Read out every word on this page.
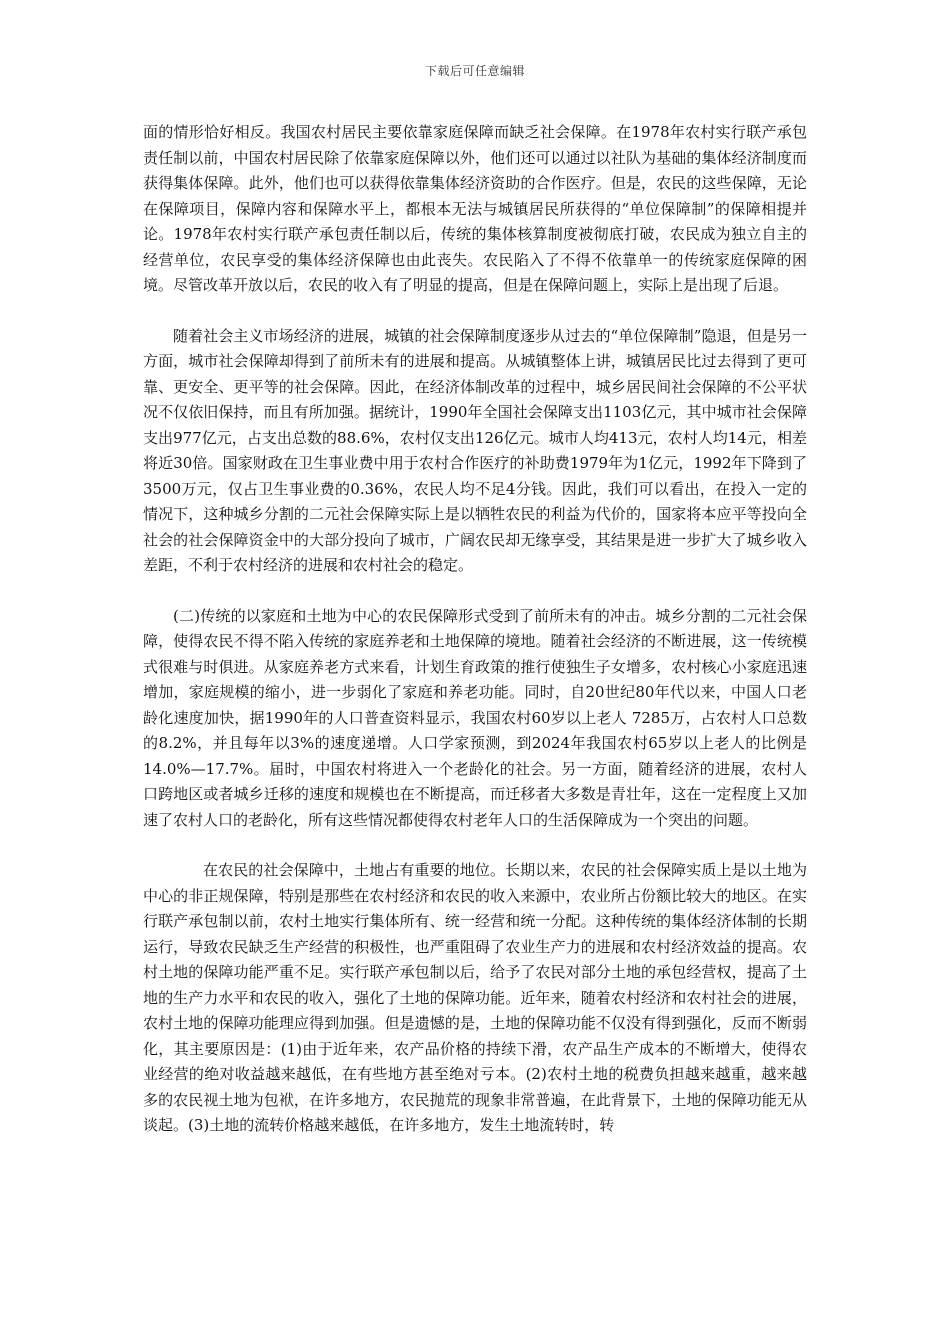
下载后可任意编辑

面的情形恰好相反。我国农村居民主要依靠家庭保障而缺乏社会保障。在1978年农村实行联产承包责任制以前，中国农村居民除了依靠家庭保障以外，他们还可以通过以社队为基础的集体经济制度而获得集体保障。此外，他们也可以获得依靠集体经济资助的合作医疗。但是，农民的这些保障，无论在保障项目，保障内容和保障水平上，都根本无法与城镇居民所获得的“单位保障制”的保障相提并论。1978年农村实行联产承包责任制以后，传统的集体核算制度被彻底打破，农民成为独立自主的经营单位，农民享受的集体经济保障也由此丧失。农民陷入了不得不依靠单一的传统家庭保障的困境。尽管改革开放以后，农民的收入有了明显的提高，但是在保障问题上，实际上是出现了后退。

随着社会主义市场经济的进展，城镇的社会保障制度逐步从过去的“单位保障制”隐退，但是另一方面，城市社会保障却得到了前所未有的进展和提高。从城镇整体上讲，城镇居民比过去得到了更可靠、更安全、更平等的社会保障。因此，在经济体制改革的过程中，城乡居民间社会保障的不公平状况不仅依旧保持，而且有所加强。据统计，1990年全国社会保障支出1103亿元，其中城市社会保障支出977亿元，占支出总数的88.6%，农村仅支出126亿元。城市人均413元，农村人均14元，相差将近30倍。国家财政在卫生事业费中用于农村合作医疗的补助费1979年为1亿元，1992年下降到了3500万元，仅占卫生事业费的0.36%，农民人均不足4分钱。因此，我们可以看出，在投入一定的情况下，这种城乡分割的二元社会保障实际上是以牺牲农民的利益为代价的，国家将本应平等投向全社会的社会保障资金中的大部分投向了城市，广阔农民却无缘享受，其结果是进一步扩大了城乡收入差距，不利于农村经济的进展和农村社会的稳定。

(二)传统的以家庭和土地为中心的农民保障形式受到了前所未有的冲击。城乡分割的二元社会保障，使得农民不得不陷入传统的家庭养老和土地保障的境地。随着社会经济的不断进展，这一传统模式很难与时俱进。从家庭养老方式来看，计划生育政策的推行使独生子女增多，农村核心小家庭迅速增加，家庭规模的缩小，进一步弱化了家庭和养老功能。同时，自20世纪80年代以来，中国人口老龄化速度加快，据1990年的人口普查资料显示，我国农村60岁以上老人 7285万，占农村人口总数的8.2%，并且每年以3%的速度递增。人口学家预测，到2024年我国农村65岁以上老人的比例是14.0%—17.7%。届时，中国农村将进入一个老龄化的社会。另一方面，随着经济的进展，农村人口跨地区或者城乡迁移的速度和规模也在不断提高，而迁移者大多数是青壮年，这在一定程度上又加速了农村人口的老龄化，所有这些情况都使得农村老年人口的生活保障成为一个突出的问题。

在农民的社会保障中，土地占有重要的地位。长期以来，农民的社会保障实质上是以土地为中心的非正规保障，特别是那些在农村经济和农民的收入来源中，农业所占份额比较大的地区。在实行联产承包制以前，农村土地实行集体所有、统一经营和统一分配。这种传统的集体经济体制的长期运行，导致农民缺乏生产经营的积极性，也严重阻碍了农业生产力的进展和农村经济效益的提高。农村土地的保障功能严重不足。实行联产承包制以后，给予了农民对部分土地的承包经营权，提高了土地的生产力水平和农民的收入，强化了土地的保障功能。近年来，随着农村经济和农村社会的进展，农村土地的保障功能理应得到加强。但是遗憾的是，土地的保障功能不仅没有得到强化，反而不断弱化，其主要原因是：(1)由于近年来，农产品价格的持续下滑，农产品生产成本的不断增大，使得农业经营的绝对收益越来越低，在有些地方甚至绝对亏本。(2)农村土地的税费负担越来越重，越来越多的农民视土地为包袱，在许多地方，农民抛荒的现象非常普遍，在此背景下，土地的保障功能无从谈起。(3)土地的流转价格越来越低，在许多地方，发生土地流转时，转
